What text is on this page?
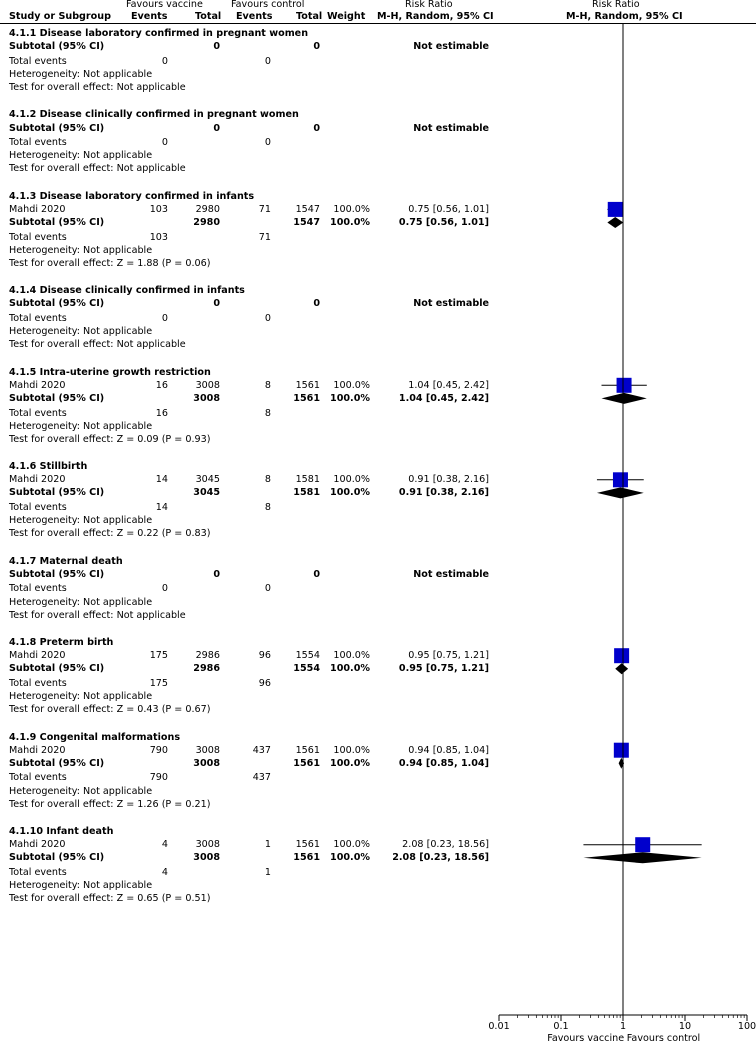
Favours vaccine	Favours control	Risk Ratio	Risk Ratio
Study or Subgroup Events	Total Events Total Weight M-H, Random, 95% CI	M-H, Random, 95% CI
4.1.1 Disease laboratory confirmed in pregnant women
Subtotal (95% CI)	0	0	Not estimable
Total events	0	0
Heterogeneity: Not applicable
Test for overall effect: Not applicable
4.1.2 Disease clinically confirmed in pregnant women
Subtotal (95% CI)	0	0	Not estimable
Total events	0	0
Heterogeneity: Not applicable
Test for overall effect: Not applicable
4.1.3 Disease laboratory confirmed in infants
Mahdi 2020	103	2980	71	1547	100.0%	0.75 [0.56, 1.01]
Subtotal (95% CI)	2980	1547	100.0%	0.75 [0.56, 1.01]
Total events	103	71
Heterogeneity: Not applicable
Test for overall effect: Z = 1.88 (P = 0.06)
4.1.4 Disease clinically confirmed in infants
Subtotal (95% CI)	0	0	Not estimable
Total events	0	0
Heterogeneity: Not applicable
Test for overall effect: Not applicable
4.1.5 Intra-uterine growth restriction
Mahdi 2020	16	3008	8	1561	100.0%	1.04 [0.45, 2.42]
Subtotal (95% CI)	3008	1561	100.0%	1.04 [0.45, 2.42]
Total events	16	8
Heterogeneity: Not applicable
Test for overall effect: Z = 0.09 (P = 0.93)
4.1.6 Stillbirth
Mahdi 2020	14	3045	8	1581	100.0%	0.91 [0.38, 2.16]
Subtotal (95% CI)	3045	1581	100.0%	0.91 [0.38, 2.16]
Total events	14	8
Heterogeneity: Not applicable
Test for overall effect: Z = 0.22 (P = 0.83)
4.1.7 Maternal death
Subtotal (95% CI)	0	0	Not estimable
Total events	0	0
Heterogeneity: Not applicable
Test for overall effect: Not applicable
4.1.8 Preterm birth
Mahdi 2020	175	2986	96	1554	100.0%	0.95 [0.75, 1.21]
Subtotal (95% CI)	2986	1554	100.0%	0.95 [0.75, 1.21]
Total events	175	96
Heterogeneity: Not applicable
Test for overall effect: Z = 0.43 (P = 0.67)
4.1.9 Congenital malformations
Mahdi 2020	790	3008	437	1561	100.0%	0.94 [0.85, 1.04]
Subtotal (95% CI)	3008	1561	100.0%	0.94 [0.85, 1.04]
Total events	790	437
Heterogeneity: Not applicable
Test for overall effect: Z = 1.26 (P = 0.21)
4.1.10 Infant death
Mahdi 2020	4	3008	1	1561	100.0%	2.08 [0.23, 18.56]
Subtotal (95% CI)	3008	1561	100.0%	2.08 [0.23, 18.56]
Total events	4	1
Heterogeneity: Not applicable
Test for overall effect: Z = 0.65 (P = 0.51)
0.01	0.1	1	10	100
Favours vaccine Favours control
